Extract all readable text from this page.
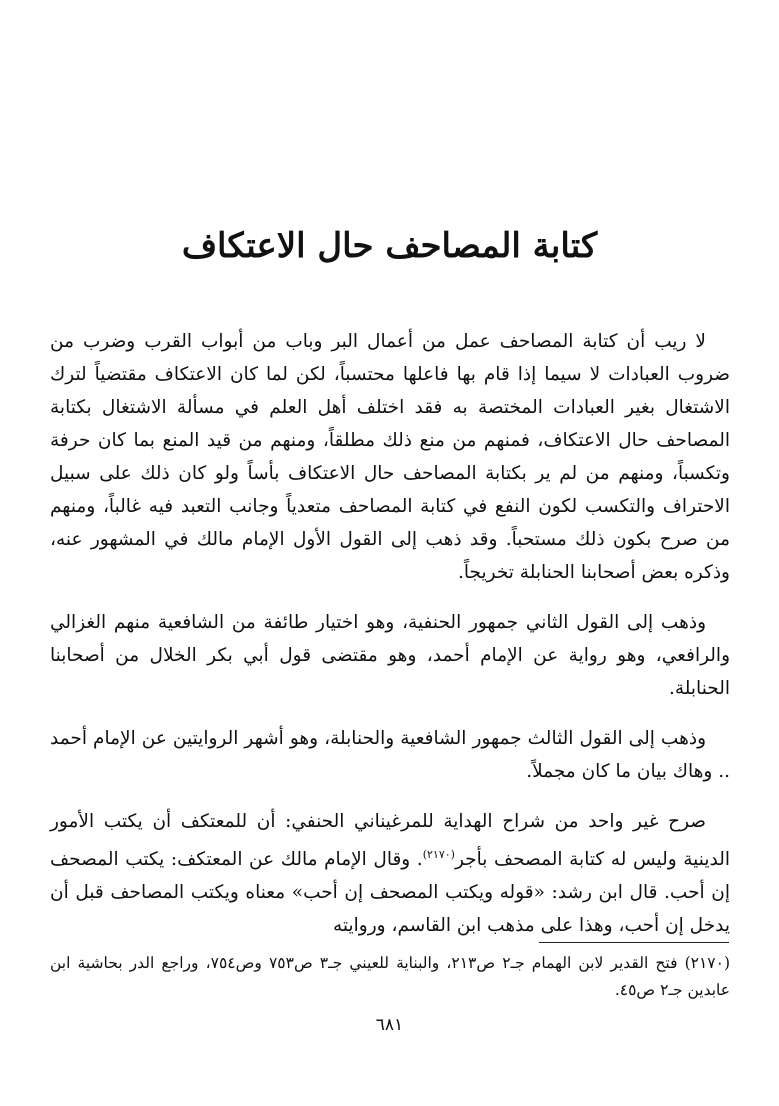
كتابة المصاحف حال الاعتكاف

لا ريب أن كتابة المصاحف عمل من أعمال البر وباب من أبواب القرب وضرب من ضروب العبادات لا سيما إذا قام بها فاعلها محتسباً، لكن لما كان الاعتكاف مقتضياً لترك الاشتغال بغير العبادات المختصة به فقد اختلف أهل العلم في مسألة الاشتغال بكتابة المصاحف حال الاعتكاف، فمنهم من منع ذلك مطلقاً، ومنهم من قيد المنع بما كان حرفة وتكسباً، ومنهم من لم ير بكتابة المصاحف حال الاعتكاف بأساً ولو كان ذلك على سبيل الاحتراف والتكسب لكون النفع في كتابة المصاحف متعدياً وجانب التعبد فيه غالباً، ومنهم من صرح بكون ذلك مستحباً. وقد ذهب إلى القول الأول الإمام مالك في المشهور عنه، وذكره بعض أصحابنا الحنابلة تخريجاً.

وذهب إلى القول الثاني جمهور الحنفية، وهو اختيار طائفة من الشافعية منهم الغزالي والرافعي، وهو رواية عن الإمام أحمد، وهو مقتضى قول أبي بكر الخلال من أصحابنا الحنابلة.

وذهب إلى القول الثالث جمهور الشافعية والحنابلة، وهو أشهر الروايتين عن الإمام أحمد .. وهاك بيان ما كان مجملاً.

صرح غير واحد من شراح الهداية للمرغيناني الحنفي: أن للمعتكف أن يكتب الأمور الدينية وليس له كتابة المصحف بأجر$^{(٢١٧٠)}$. وقال الإمام مالك عن المعتكف: يكتب المصحف إن أحب. قال ابن رشد: «قوله ويكتب المصحف إن أحب» معناه ويكتب المصاحف قبل أن يدخل إن أحب، وهذا على مذهب ابن القاسم، وروايته

(٢١٧٠) فتح القدير لابن الهمام جـ٢ ص٢١٣، والبناية للعيني جـ٣ ص٧٥٣ وص٧٥٤، وراجع الدر بحاشية ابن عابدين جـ٢ ص٤٥.
٦٨١
